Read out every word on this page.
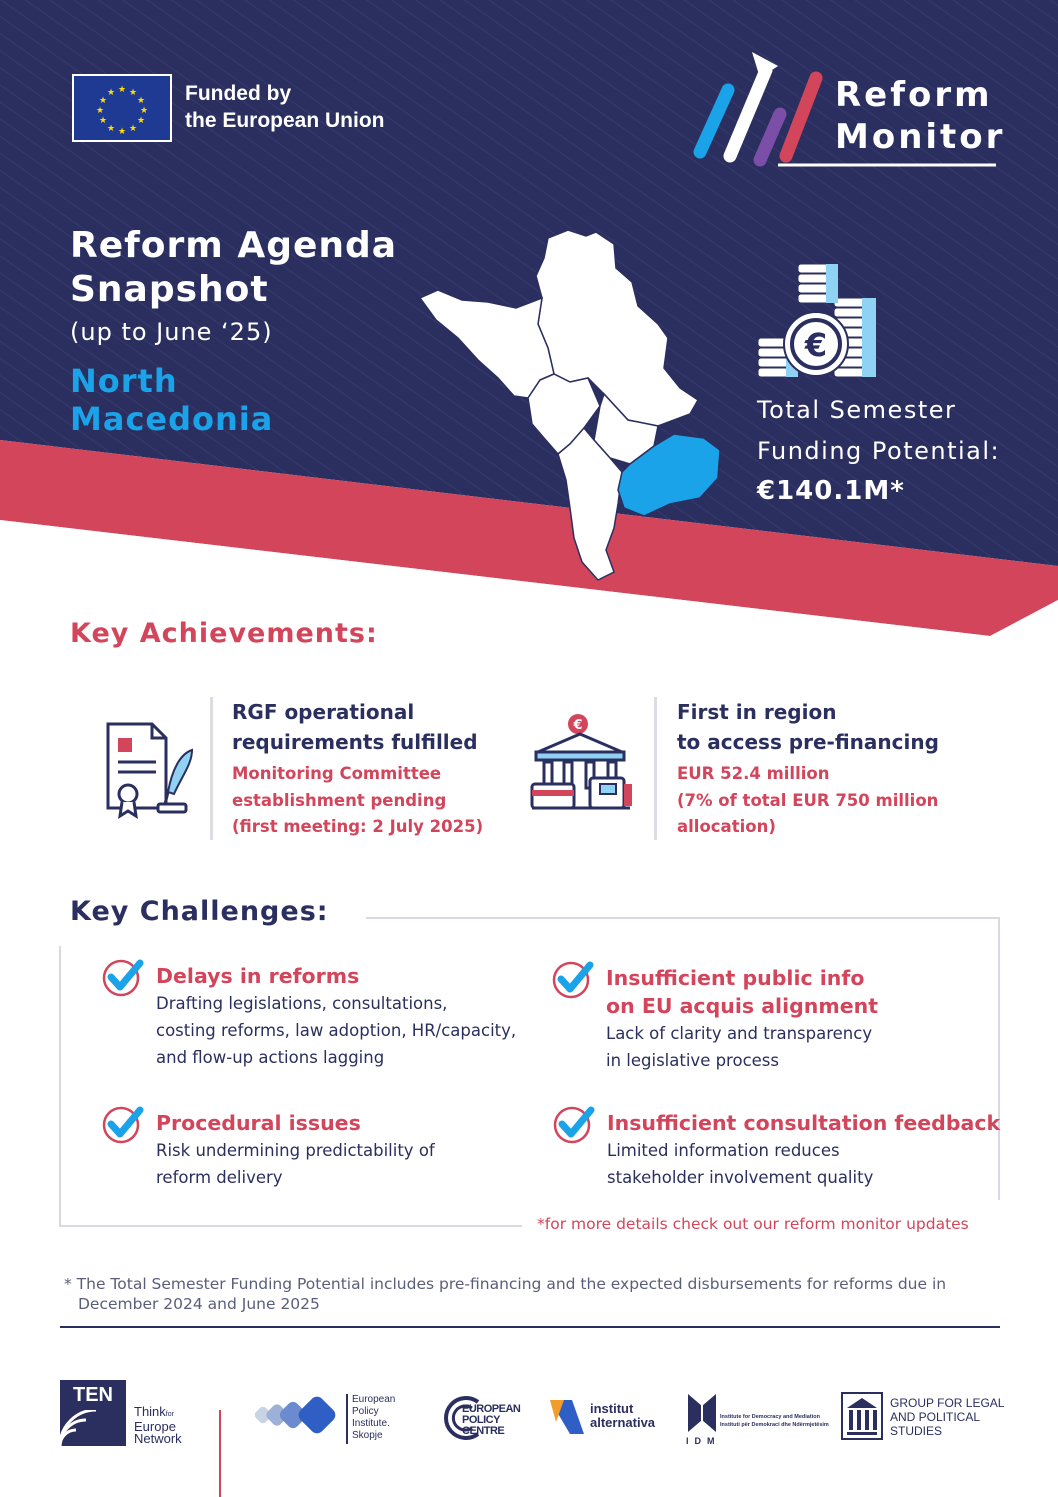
★ ★
★
★
★
★
★
★
★
★
★
★	Funded by
the European Union
Reform
Monitor
Reform Agenda
Snapshot
(up to June ‘25)
North
Macedonia
€
Total Semester
Funding Potential:
€140.1M*
Key Achievements:
RGF operational
requirements fulfilled
Monitoring Committee
establishment pending
(first meeting: 2 July 2025)
€
First in region
to access pre-financing
EUR 52.4 million
(7% of total EUR 750 million
allocation)
Key Challenges:
Delays in reforms
Drafting legislations, consultations,
costing reforms, law adoption, HR/capacity,
and flow-up actions lagging
Insufficient public info
on EU acquis alignment
Lack of clarity and transparency
in legislative process
Procedural issues
Risk undermining predictability of
reform delivery
Insufficient consultation feedback
Limited information reduces
stakeholder involvement quality
*for more details check out our reform monitor updates
* The Total Semester Funding Potential includes pre-financing and the expected disbursements for reforms due in
December 2024 and June 2025
TEN
Thinkfor
Europe
Network
European
Policy
Institute.
Skopje
EUROPEAN
POLICY
CENTRE
institut
alternativa
IDM
Institute for Democracy and Mediation
Instituti për Demokraci dhe Ndërmjetësim
GROUP FOR LEGAL
AND POLITICAL
STUDIES
